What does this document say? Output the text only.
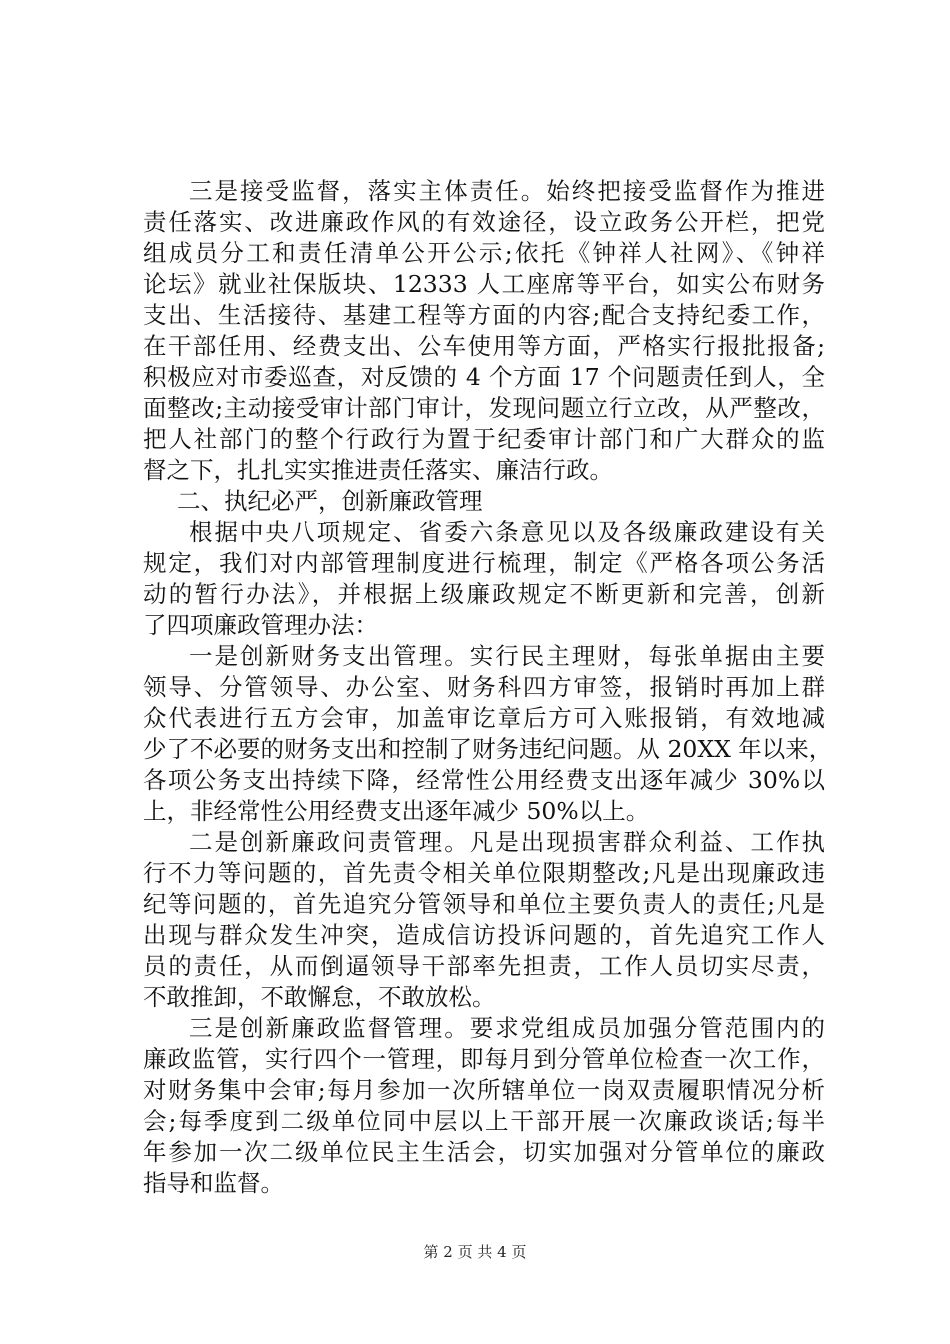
三是接受监督，落实主体责任。始终把接受监督作为推进
责任落实、改进廉政作风的有效途径，设立政务公开栏，把党
组成员分工和责任清单公开公示;依托《钟祥人社网》、《钟祥
论坛》就业社保版块、12333 人工座席等平台，如实公布财务
支出、生活接待、基建工程等方面的内容;配合支持纪委工作，
在干部任用、经费支出、公车使用等方面，严格实行报批报备;
积极应对市委巡查，对反馈的 4 个方面 17 个问题责任到人，全
面整改;主动接受审计部门审计，发现问题立行立改，从严整改，
把人社部门的整个行政行为置于纪委审计部门和广大群众的监
督之下，扎扎实实推进责任落实、廉洁行政。
二、执纪必严，创新廉政管理
根据中央八项规定、省委六条意见以及各级廉政建设有关
规定，我们对内部管理制度进行梳理，制定《严格各项公务活
动的暂行办法》，并根据上级廉政规定不断更新和完善，创新
了四项廉政管理办法：
一是创新财务支出管理。实行民主理财，每张单据由主要
领导、分管领导、办公室、财务科四方审签，报销时再加上群
众代表进行五方会审，加盖审讫章后方可入账报销，有效地减
少了不必要的财务支出和控制了财务违纪问题。从 20XX 年以来，
各项公务支出持续下降，经常性公用经费支出逐年减少 30%以
上，非经常性公用经费支出逐年减少 50%以上。
二是创新廉政问责管理。凡是出现损害群众利益、工作执
行不力等问题的，首先责令相关单位限期整改;凡是出现廉政违
纪等问题的，首先追究分管领导和单位主要负责人的责任;凡是
出现与群众发生冲突，造成信访投诉问题的，首先追究工作人
员的责任，从而倒逼领导干部率先担责，工作人员切实尽责，
不敢推卸，不敢懈怠，不敢放松。
三是创新廉政监督管理。要求党组成员加强分管范围内的
廉政监管，实行四个一管理，即每月到分管单位检查一次工作，
对财务集中会审;每月参加一次所辖单位一岗双责履职情况分析
会;每季度到二级单位同中层以上干部开展一次廉政谈话;每半
年参加一次二级单位民主生活会，切实加强对分管单位的廉政
指导和监督。
第 2 页 共 4 页
